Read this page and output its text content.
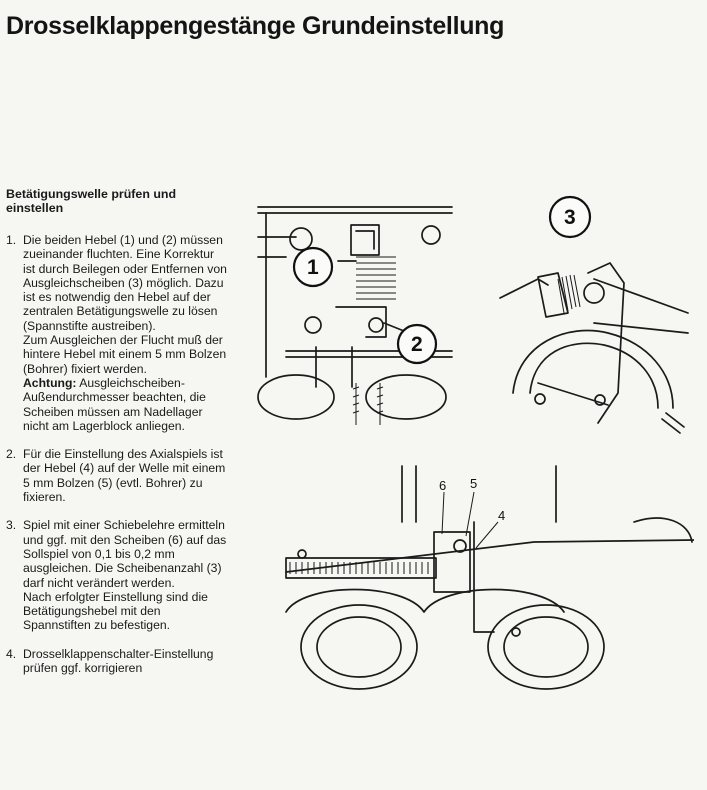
Drosselklappengestänge Grundeinstellung
Betätigungswelle prüfen und einstellen
1. Die beiden Hebel (1) und (2) müssen zueinander fluchten. Eine Korrektur ist durch Beilegen oder Entfernen von Ausgleichscheiben (3) möglich. Dazu ist es notwendig den Hebel auf der zentralen Betätigungswelle zu lösen (Spannstifte austreiben).

Zum Ausgleichen der Flucht muß der hintere Hebel mit einem 5 mm Bolzen (Bohrer) fixiert werden.

Achtung: Ausgleichscheiben-Außendurchmesser beachten, die Scheiben müssen am Nadellager nicht am Lagerblock anliegen.

2. Für die Einstellung des Axialspiels ist der Hebel (4) auf der Welle mit einem 5 mm Bolzen (5) (evtl. Bohrer) zu fixieren.

3. Spiel mit einer Schiebelehre ermitteln und ggf. mit den Scheiben (6) auf das Sollspiel von 0,1 bis 0,2 mm ausgleichen. Die Scheibenanzahl (3) darf nicht verändert werden.

Nach erfolgter Einstellung sind die Betätigungshebel mit den Spannstiften zu befestigen.

4. Drosselklappenschalter-Einstellung prüfen ggf. korrigieren

1
2
3
6 5
4
